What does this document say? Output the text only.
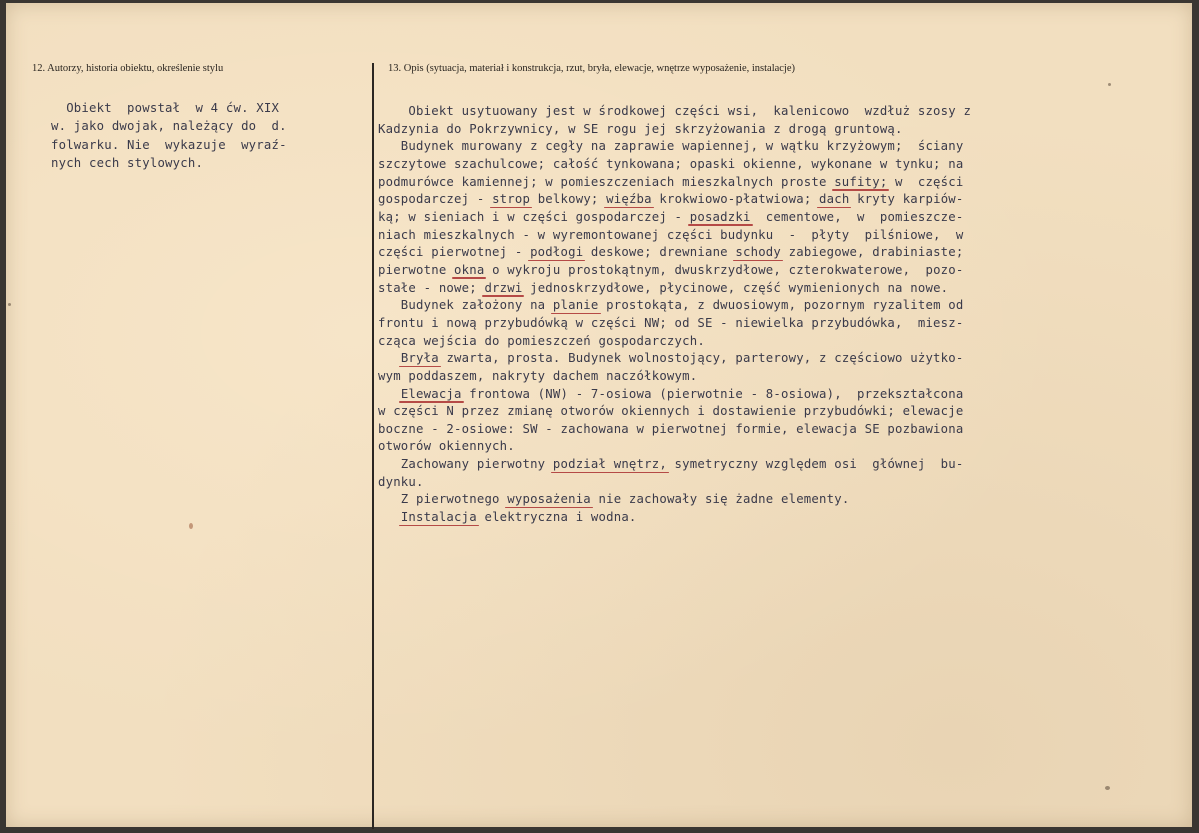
12. Autorzy, historia obiektu, określenie stylu	13. Opis (sytuacja, materiał i konstrukcja, rzut, bryła, elewacje, wnętrze wyposażenie, instalacje)
Obiekt  powstał  w 4 ćw. XIX
w. jako dwojak, należący do  d.
folwarku. Nie  wykazuje  wyraź-
nych cech stylowych.
Obiekt usytuowany jest w środkowej części wsi,  kalenicowo  wzdłuż szosy z
Kadzynia do Pokrzywnicy, w SE rogu jej skrzyżowania z drogą gruntową.
Budynek murowany z cegły na zaprawie wapiennej, w wątku krzyżowym;  ściany
szczytowe szachulcowe; całość tynkowana; opaski okienne, wykonane w tynku; na
podmurówce kamiennej; w pomieszczeniach mieszkalnych proste sufity; w  części
gospodarczej - strop belkowy; więźba krokwiowo-płatwiowa; dach kryty karpiów-
ką; w sieniach i w części gospodarczej - posadzki  cementowe,  w  pomieszcze-
niach mieszkalnych - w wyremontowanej części budynku  -  płyty  pilśniowe,  w
części pierwotnej - podłogi deskowe; drewniane schody zabiegowe, drabiniaste;
pierwotne okna o wykroju prostokątnym, dwuskrzydłowe, czterokwaterowe,  pozo-
stałe - nowe; drzwi jednoskrzydłowe, płycinowe, część wymienionych na nowe.
Budynek założony na planie prostokąta, z dwuosiowym, pozornym ryzalitem od
frontu i nową przybudówką w części NW; od SE - niewielka przybudówka,  miesz-
cząca wejścia do pomieszczeń gospodarczych.
Bryła zwarta, prosta. Budynek wolnostojący, parterowy, z częściowo użytko-
wym poddaszem, nakryty dachem naczółkowym.
Elewacja frontowa (NW) - 7-osiowa (pierwotnie - 8-osiowa),  przekształcona
w części N przez zmianę otworów okiennych i dostawienie przybudówki; elewacje
boczne - 2-osiowe: SW - zachowana w pierwotnej formie, elewacja SE pozbawiona
otworów okiennych.
Zachowany pierwotny podział wnętrz, symetryczny względem osi  głównej  bu-
dynku.
Z pierwotnego wyposażenia nie zachowały się żadne elementy.
Instalacja elektryczna i wodna.
